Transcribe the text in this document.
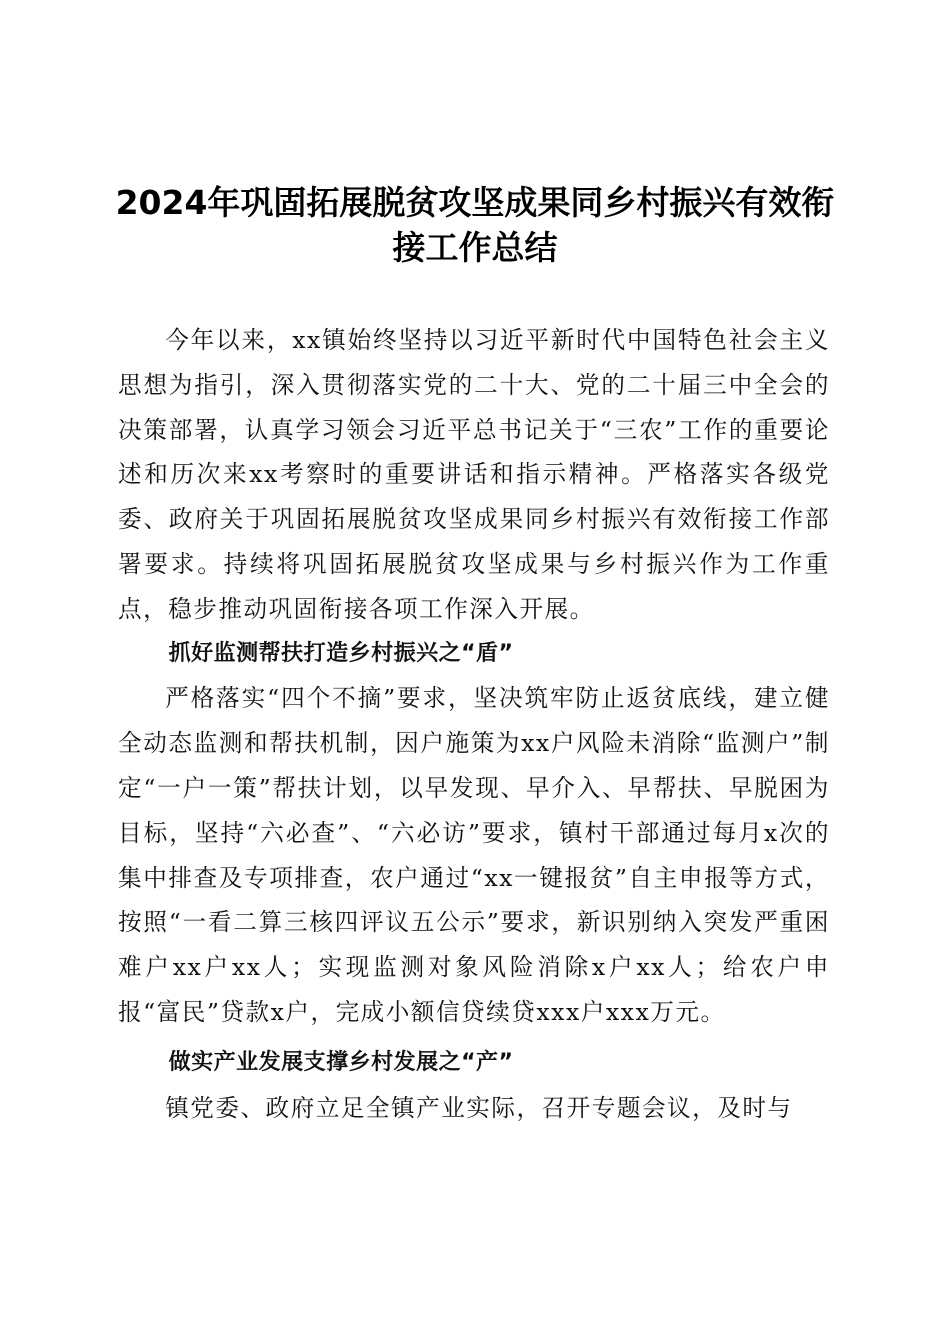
2024年巩固拓展脱贫攻坚成果同乡村振兴有效衔接工作总结

今年以来，xx镇始终坚持以习近平新时代中国特色社会主义思想为指引，深入贯彻落实党的二十大、党的二十届三中全会的决策部署，认真学习领会习近平总书记关于“三农”工作的重要论述和历次来xx考察时的重要讲话和指示精神。严格落实各级党委、政府关于巩固拓展脱贫攻坚成果同乡村振兴有效衔接工作部署要求。持续将巩固拓展脱贫攻坚成果与乡村振兴作为工作重点，稳步推动巩固衔接各项工作深入开展。

抓好监测帮扶打造乡村振兴之“盾”

严格落实“四个不摘”要求，坚决筑牢防止返贫底线，建立健全动态监测和帮扶机制，因户施策为xx户风险未消除“监测户”制定“一户一策”帮扶计划，以早发现、早介入、早帮扶、早脱困为目标，坚持“六必查”、“六必访”要求，镇村干部通过每月x次的集中排查及专项排查，农户通过“xx一键报贫”自主申报等方式，按照“一看二算三核四评议五公示”要求，新识别纳入突发严重困难户xx户xx人；实现监测对象风险消除x户xx人；给农户申报“富民”贷款x户，完成小额信贷续贷xxx户xxx万元。

做实产业发展支撑乡村发展之“产”

镇党委、政府立足全镇产业实际，召开专题会议，及时与
